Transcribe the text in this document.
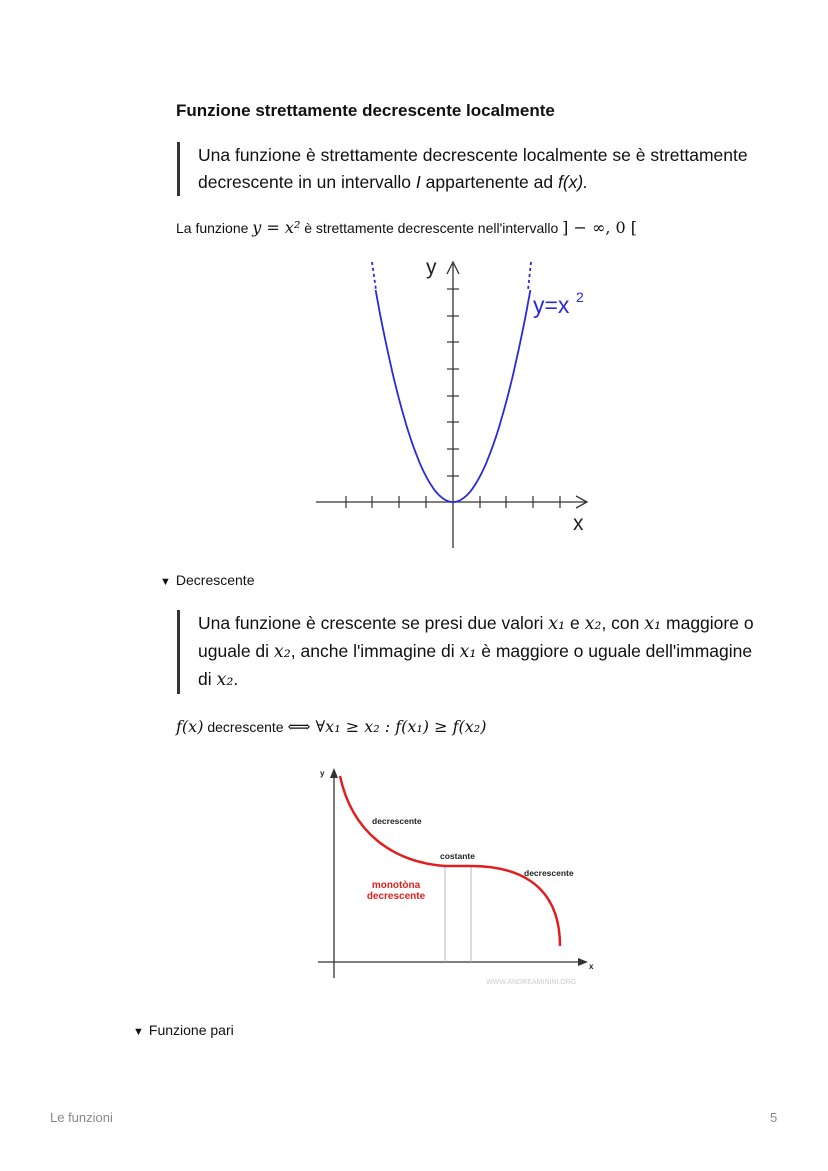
Funzione strettamente decrescente localmente
Una funzione è strettamente decrescente localmente se è strettamente decrescente in un intervallo I appartenente ad f(x).
La funzione y = x² è strettamente decrescente nell'intervallo ] − ∞, 0 [
y
x
y=x 2
▼ Decrescente
Una funzione è crescente se presi due valori x₁ e x₂, con x₁ maggiore o uguale di x₂, anche l'immagine di x₁ è maggiore o uguale dell'immagine di x₂.
f(x) decrescente ⟺ ∀x₁ ≥ x₂ : f(x₁) ≥ f(x₂)
y
x
decrescente
costante
decrescente
monotòna
decrescente
WWW.ANDREAMININI.ORG
▼ Funzione pari
Le funzioni	5
